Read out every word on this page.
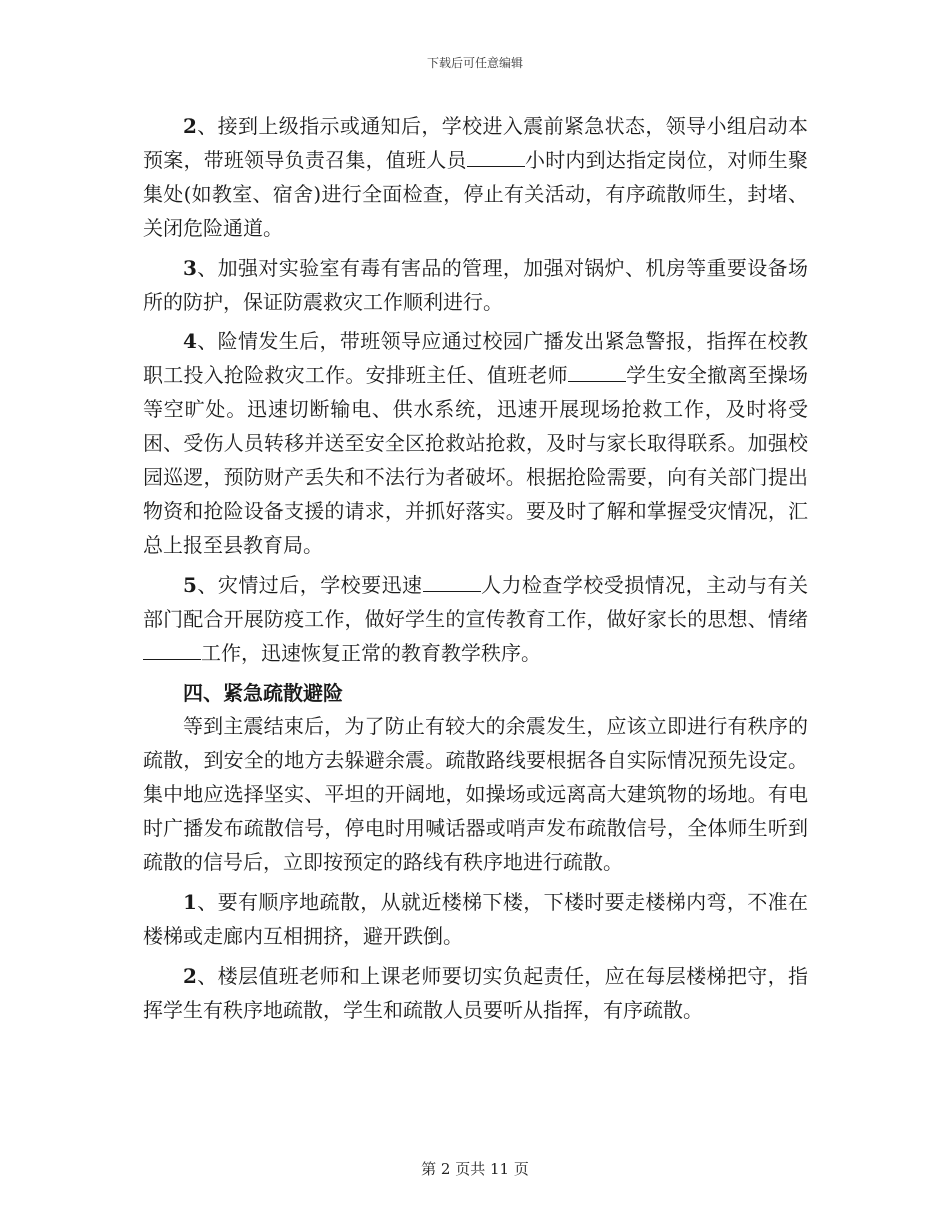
下载后可任意编辑

2、接到上级指示或通知后，学校进入震前紧急状态，领导小组启动本预案，带班领导负责召集，值班人员	小时内到达指定岗位，对师生聚集处(如教室、宿舍)进行全面检查，停止有关活动，有序疏散师生，封堵、关闭危险通道。

3、加强对实验室有毒有害品的管理，加强对锅炉、机房等重要设备场所的防护，保证防震救灾工作顺利进行。

4、险情发生后，带班领导应通过校园广播发出紧急警报，指挥在校教职工投入抢险救灾工作。安排班主任、值班老师	学生安全撤离至操场等空旷处。迅速切断输电、供水系统，迅速开展现场抢救工作，及时将受困、受伤人员转移并送至安全区抢救站抢救，及时与家长取得联系。加强校园巡逻，预防财产丢失和不法行为者破坏。根据抢险需要，向有关部门提出物资和抢险设备支援的请求，并抓好落实。要及时了解和掌握受灾情况，汇总上报至县教育局。

5、灾情过后，学校要迅速	人力检查学校受损情况，主动与有关部门配合开展防疫工作，做好学生的宣传教育工作，做好家长的思想、情绪工作，迅速恢复正常的教育教学秩序。

四、紧急疏散避险

等到主震结束后，为了防止有较大的余震发生，应该立即进行有秩序的疏散，到安全的地方去躲避余震。疏散路线要根据各自实际情况预先设定。集中地应选择坚实、平坦的开阔地，如操场或远离高大建筑物的场地。有电时广播发布疏散信号，停电时用喊话器或哨声发布疏散信号，全体师生听到疏散的信号后，立即按预定的路线有秩序地进行疏散。

1、要有顺序地疏散，从就近楼梯下楼，下楼时要走楼梯内弯，不准在楼梯或走廊内互相拥挤，避开跌倒。

2、楼层值班老师和上课老师要切实负起责任，应在每层楼梯把守，指挥学生有秩序地疏散，学生和疏散人员要听从指挥，有序疏散。

第 2 页共 11 页
